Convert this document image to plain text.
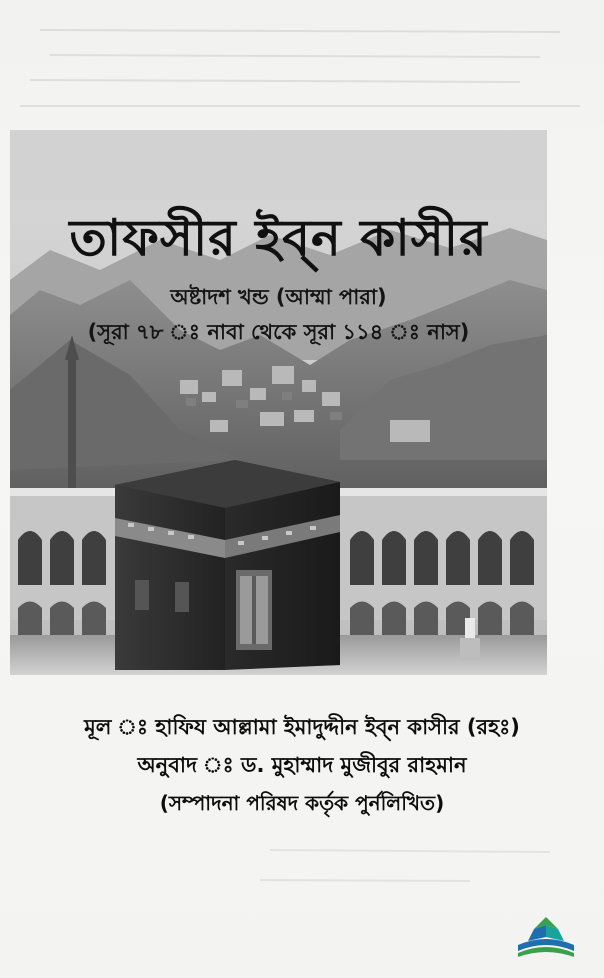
তাফসীর ইব্ন কাসীর
অষ্টাদশ খন্ড (আম্মা পারা)
(সূরা ৭৮ ঃ নাবা থেকে সূরা ১১৪ ঃ নাস)
মূল ঃ হাফিয আল্লামা ইমাদুদ্দীন ইব্ন কাসীর (রহঃ)
অনুবাদ ঃ ড. মুহাম্মাদ মুজীবুর রাহমান
(সম্পাদনা পরিষদ কর্তৃক পুর্নলিখিত)
